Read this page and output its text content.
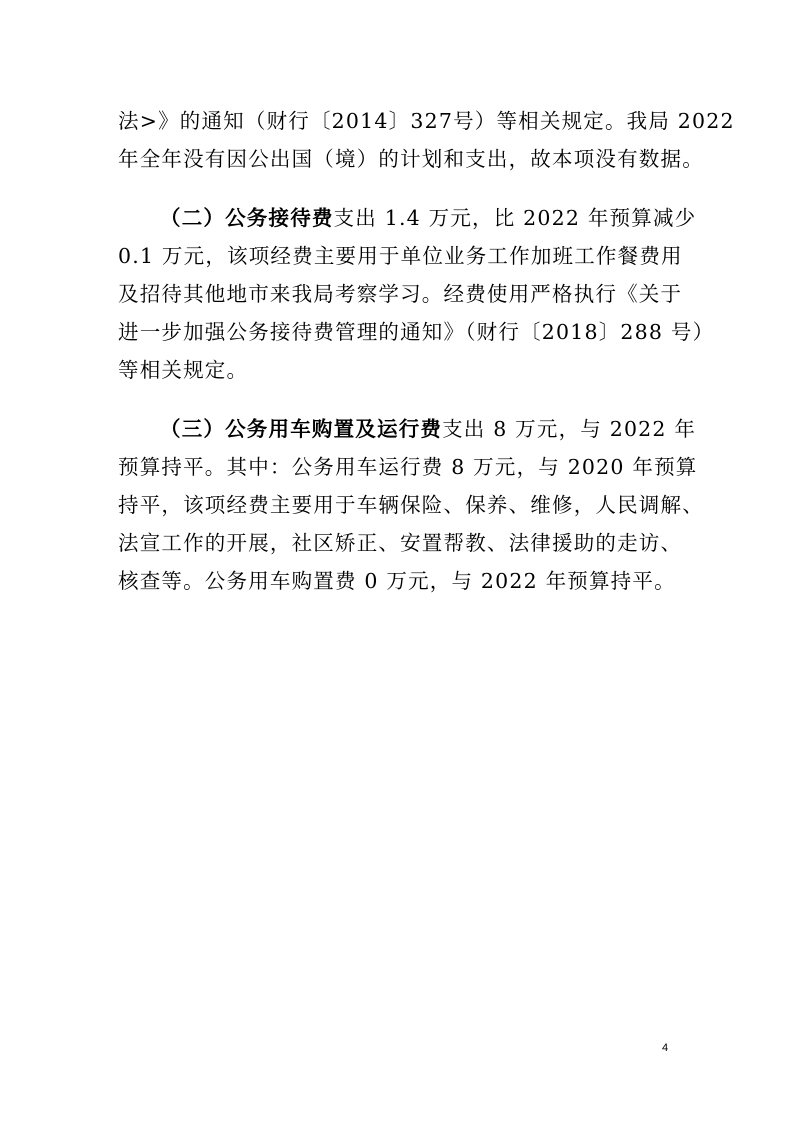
法>》的通知（财行〔2014〕327号）等相关规定。我局 2022
年全年没有因公出国（境）的计划和支出，故本项没有数据。
（二）公务接待费支出 1.4 万元，比 2022 年预算减少
0.1 万元，该项经费主要用于单位业务工作加班工作餐费用
及招待其他地市来我局考察学习。经费使用严格执行《关于
进一步加强公务接待费管理的通知》（财行〔2018〕288 号）
等相关规定。
（三）公务用车购置及运行费支出 8 万元，与 2022 年
预算持平。其中：公务用车运行费 8 万元，与 2020 年预算
持平，该项经费主要用于车辆保险、保养、维修，人民调解、
法宣工作的开展，社区矫正、安置帮教、法律援助的走访、
核查等。公务用车购置费 0 万元，与 2022 年预算持平。
4
